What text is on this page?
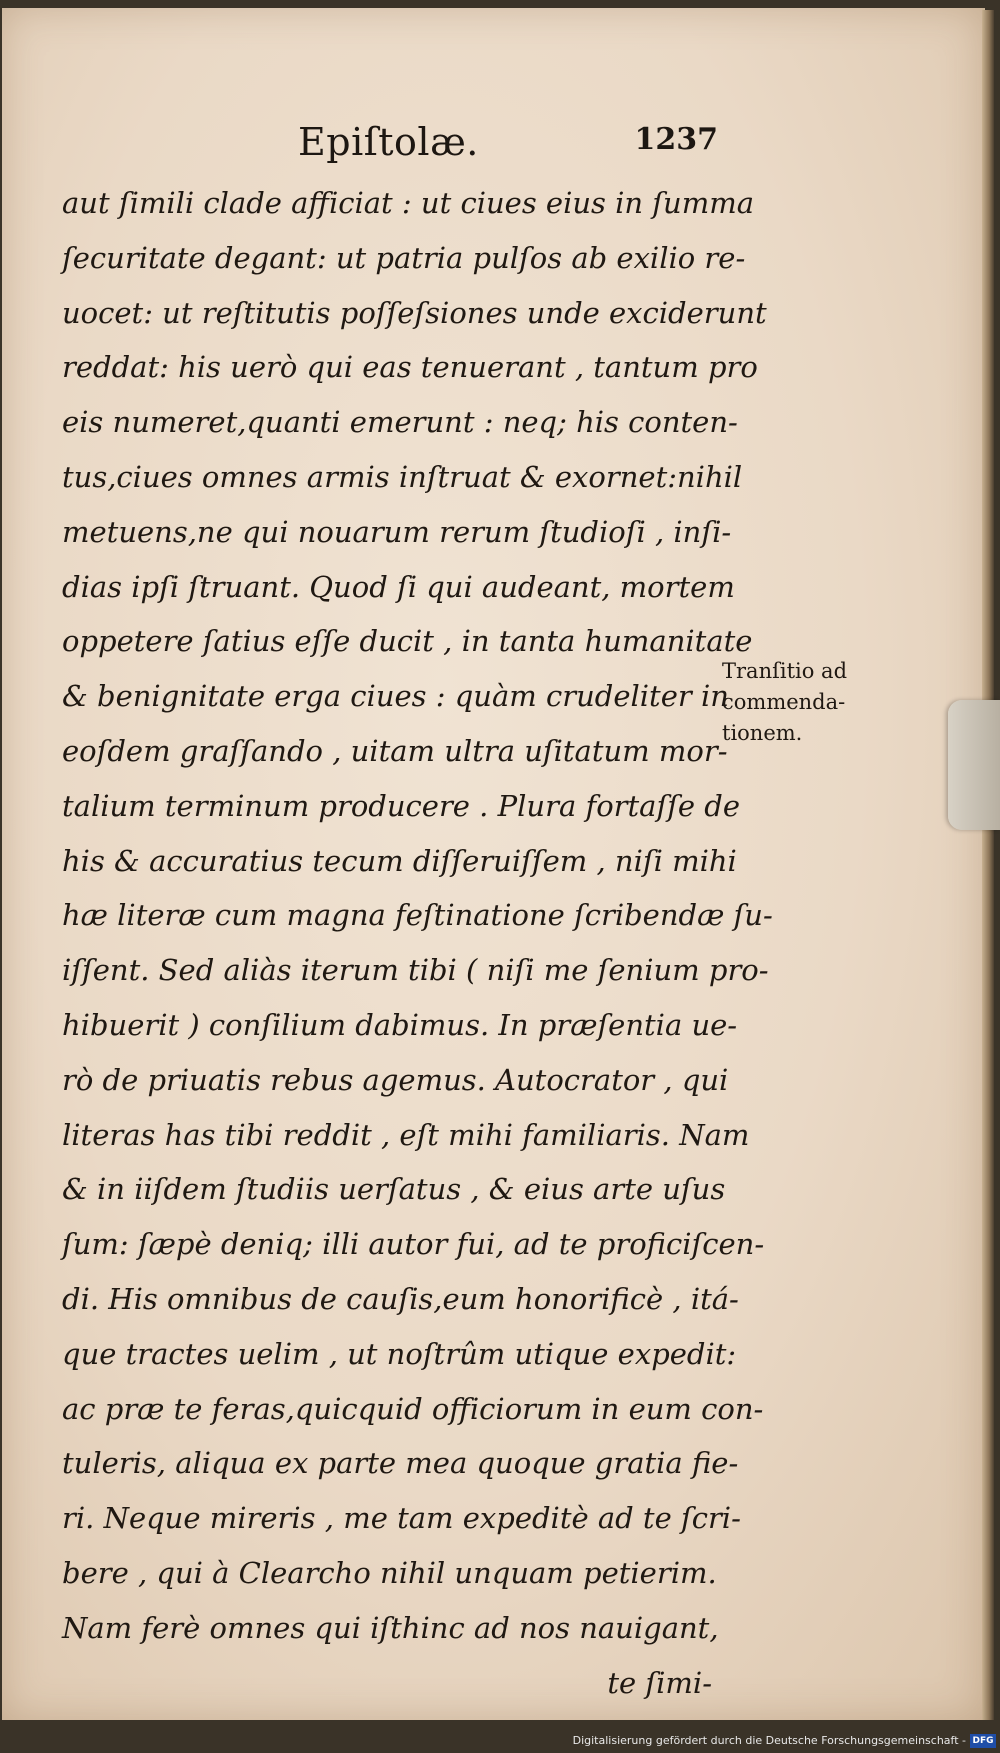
Epiſtolæ.	1237
aut ſimili clade afficiat : ut ciues eius in ſumma
ſecuritate degant: ut patria pulſos ab exilio re-
uocet: ut reſtitutis poſſeſsiones unde exciderunt
reddat: his uerò qui eas tenuerant , tantum pro
eis numeret,quanti emerunt : neq; his conten-
tus,ciues omnes armis inſtruat & exornet:nihil
metuens,ne qui nouarum rerum ſtudioſi , inſi-
dias ipſi ſtruant. Quod ſi qui audeant, mortem
oppetere ſatius eſſe ducit , in tanta humanitate
& benignitate erga ciues : quàm crudeliter in
eoſdem graſſando , uitam ultra uſitatum mor-
talium terminum producere . Plura fortaſſe de
his & accuratius tecum diſſeruiſſem , niſi mihi
hæ literæ cum magna feſtinatione ſcribendæ ſu-
iſſent. Sed aliàs iterum tibi ( niſi me ſenium pro-
hibuerit ) conſilium dabimus. In præſentia ue-
rò de priuatis rebus agemus. Autocrator , qui
literas has tibi reddit , eſt mihi familiaris. Nam
& in iiſdem ſtudiis uerſatus , & eius arte uſus
ſum: ſæpè deniq; illi autor fui, ad te proficiſcen-
di. His omnibus de cauſis,eum honorificè , itá-
que tractes uelim , ut noſtrûm utique expedit:
ac præ te feras,quicquid officiorum in eum con-
tuleris, aliqua ex parte mea quoque gratia fie-
ri. Neque mireris , me tam expeditè ad te ſcri-
bere , qui à Clearcho nihil unquam petierim.
Nam ferè omnes qui iſthinc ad nos nauigant,
te ſimi-
Tranſitio ad
commenda-
tionem.
Digitalisierung gefördert durch die Deutsche Forschungsgemeinschaft - DFG
